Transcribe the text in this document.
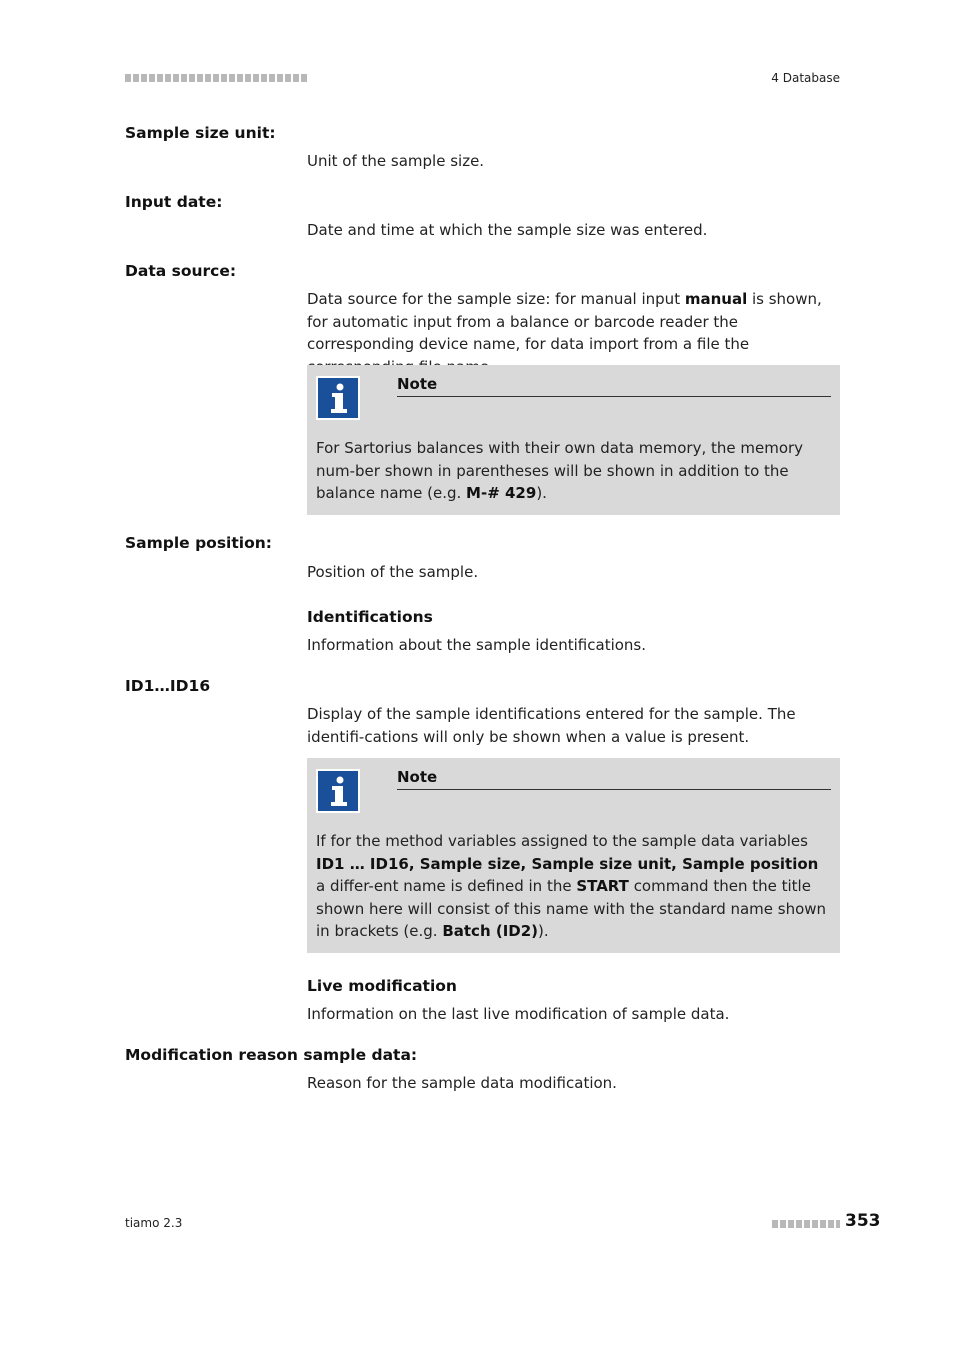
4 Database
Sample size unit:
Unit of the sample size.
Input date:
Date and time at which the sample size was entered.
Data source:
Data source for the sample size: for manual input manual is shown, for automatic input from a balance or barcode reader the corresponding device name, for data import from a file the
Note
For Sartorius balances with their own data memory, the memory num-ber shown in parentheses will be shown in addition to the balance name (e.g. M-# 429).
Sample position:
Position of the sample.
Identifications
Information about the sample identifications.
ID1…ID16
Display of the sample identifications entered for the sample. The identifi-cations will only be shown when a value is present.
Note
If for the method variables assigned to the sample data variables ID1 … ID16, Sample size, Sample size unit, Sample position a differ-ent name is defined in the START command then the title shown here will consist of this name with the standard name shown in brackets (e.g. Batch (ID2)).
Live modification
Information on the last live modification of sample data.
Modification reason sample data:
Reason for the sample data modification.
tiamo 2.3	353
